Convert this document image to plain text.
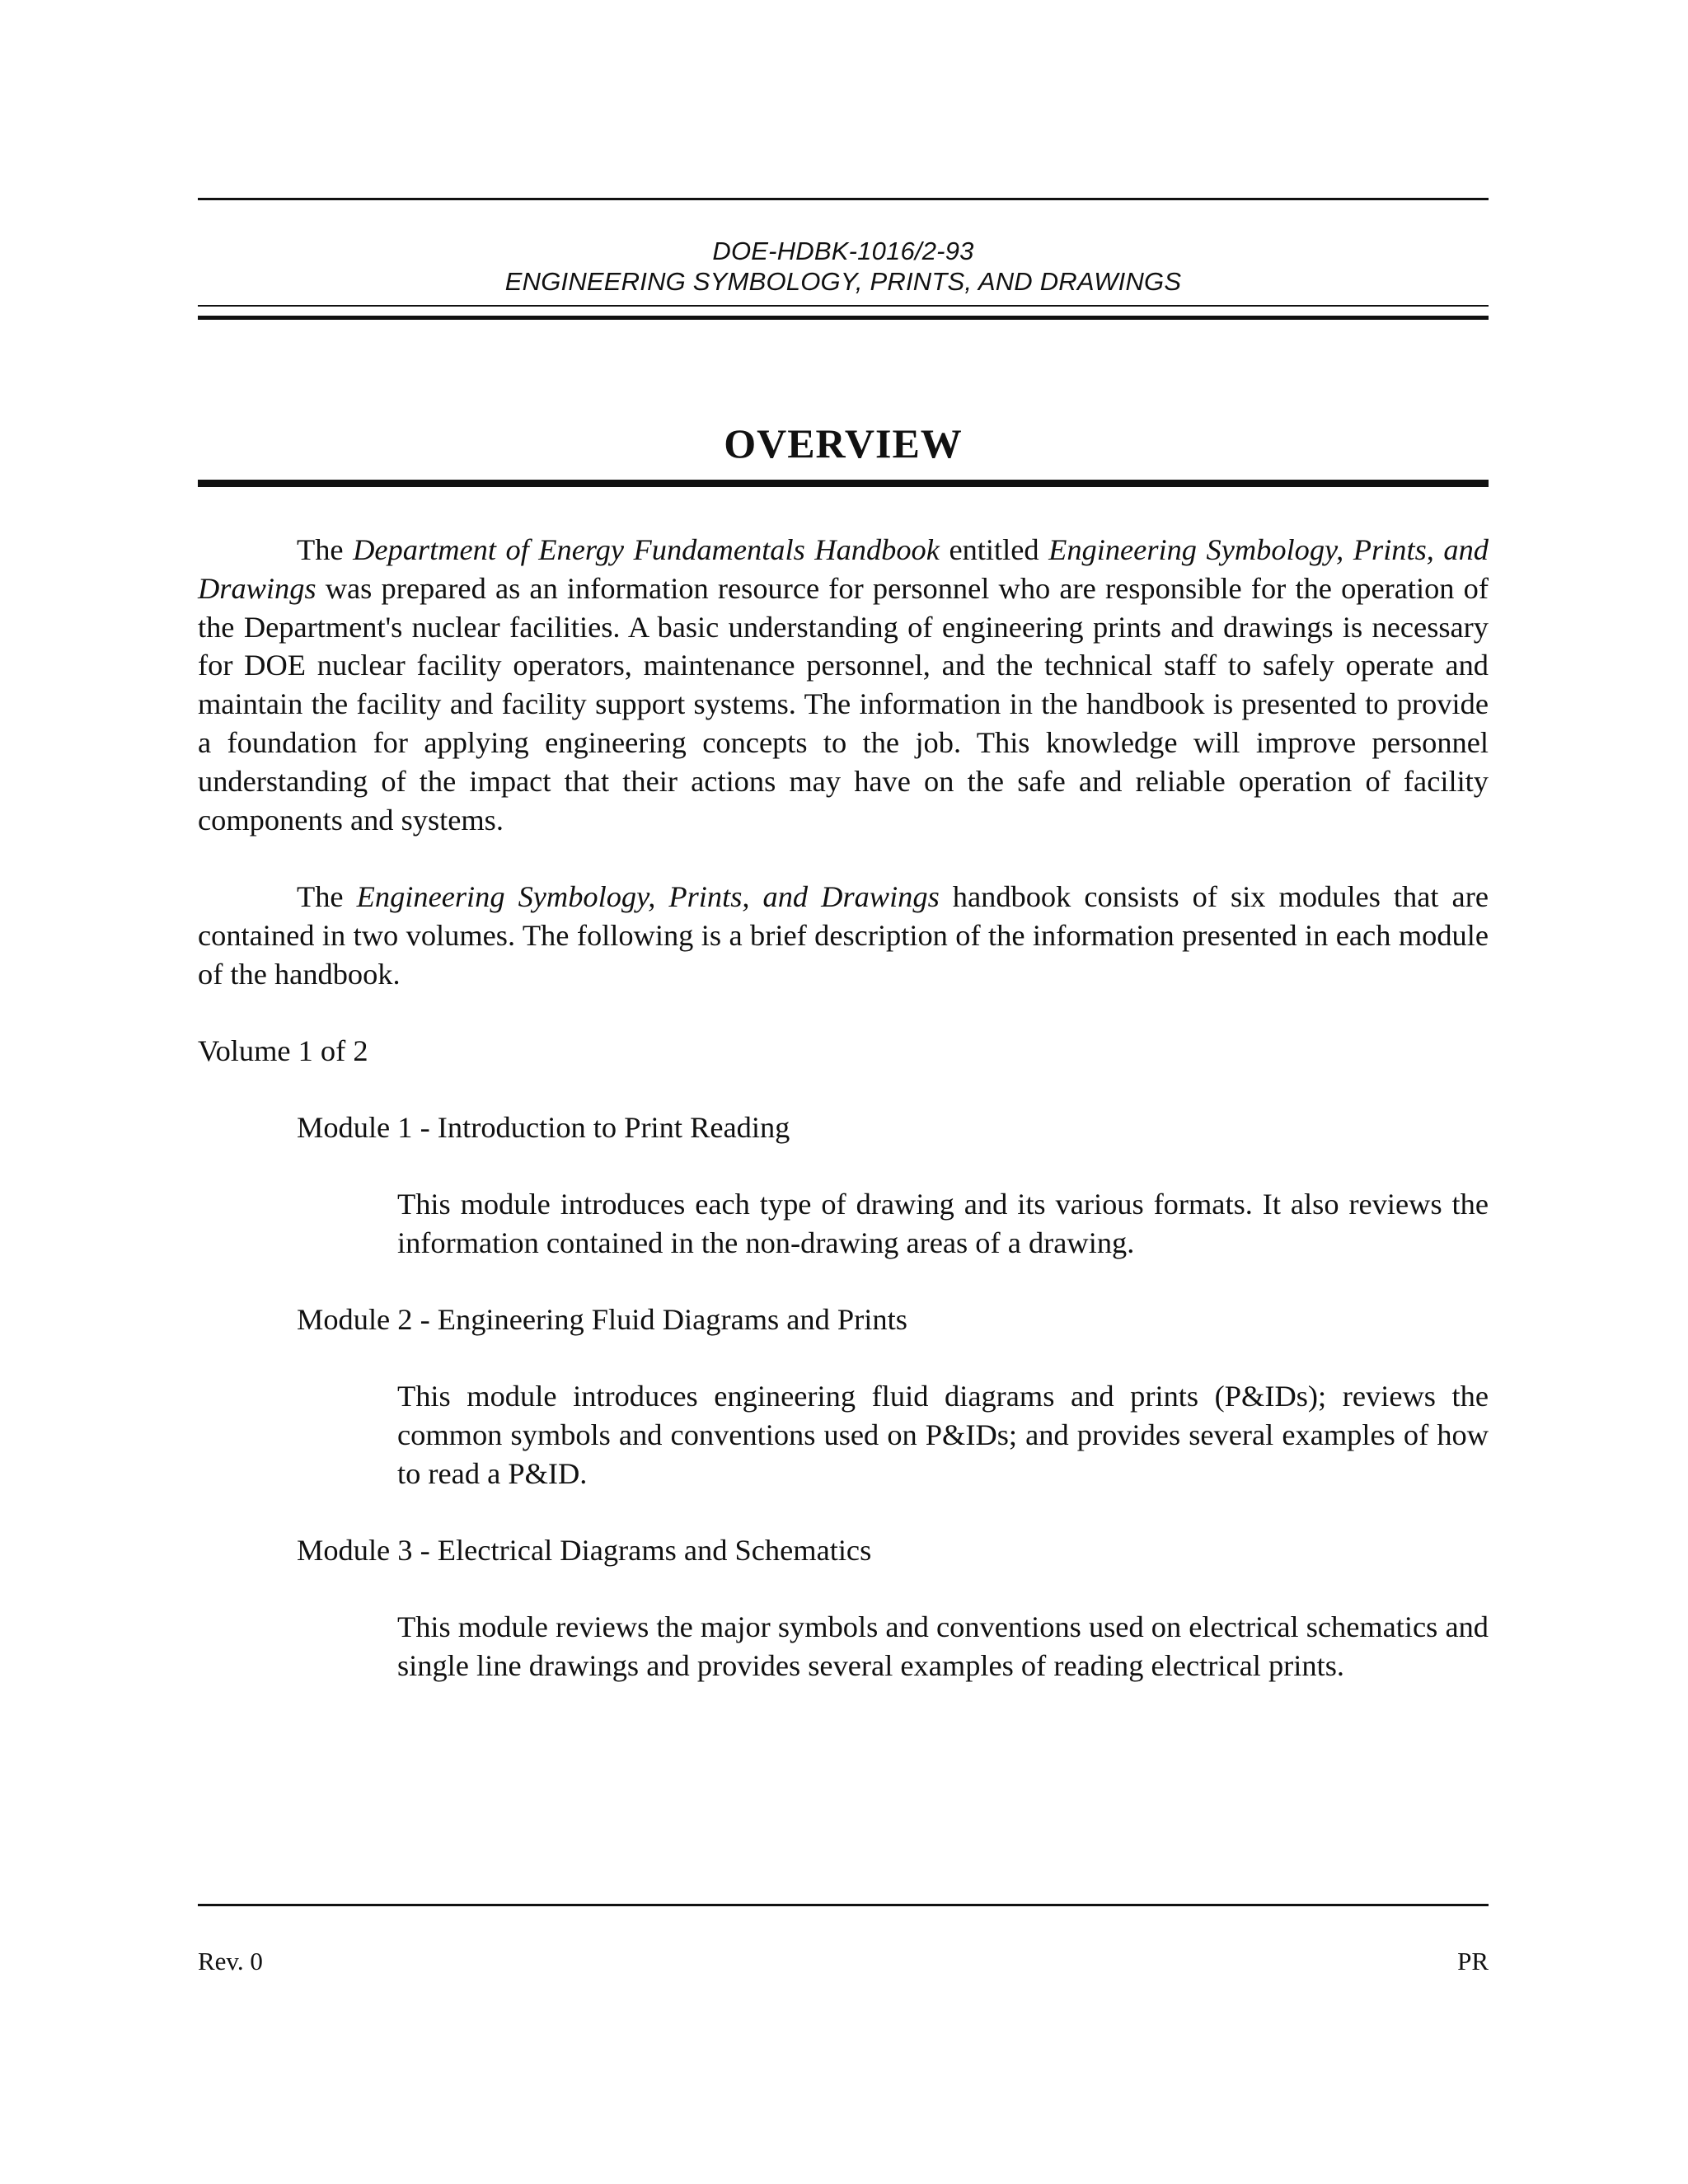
DOE-HDBK-1016/2-93
ENGINEERING SYMBOLOGY, PRINTS, AND DRAWINGS
OVERVIEW

The Department of Energy Fundamentals Handbook entitled Engineering Symbology, Prints, and Drawings was prepared as an information resource for personnel who are responsible for the operation of the Department's nuclear facilities. A basic understanding of engineering prints and drawings is necessary for DOE nuclear facility operators, maintenance personnel, and the technical staff to safely operate and maintain the facility and facility support systems. The information in the handbook is presented to provide a foundation for applying engineering concepts to the job. This knowledge will improve personnel understanding of the impact that their actions may have on the safe and reliable operation of facility components and systems.

The Engineering Symbology, Prints, and Drawings handbook consists of six modules that are contained in two volumes. The following is a brief description of the information presented in each module of the handbook.

Volume 1 of 2
Module 1 - Introduction to Print Reading

This module introduces each type of drawing and its various formats. It also reviews the information contained in the non-drawing areas of a drawing.

Module 2 - Engineering Fluid Diagrams and Prints

This module introduces engineering fluid diagrams and prints (P&IDs); reviews the common symbols and conventions used on P&IDs; and provides several examples of how to read a P&ID.

Module 3 - Electrical Diagrams and Schematics

This module reviews the major symbols and conventions used on electrical schematics and single line drawings and provides several examples of reading electrical prints.

Rev. 0	PR
